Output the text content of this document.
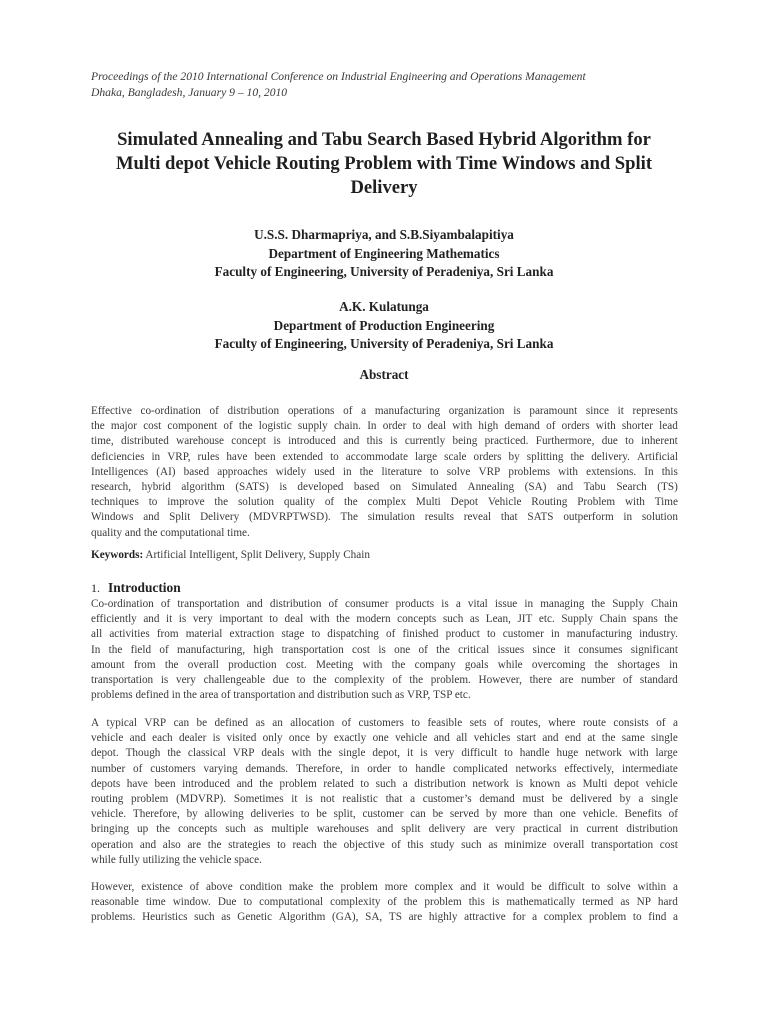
Proceedings of the 2010 International Conference on Industrial Engineering and Operations Management
Dhaka, Bangladesh, January 9 – 10, 2010
Simulated Annealing and Tabu Search Based Hybrid Algorithm for
Multi depot Vehicle Routing Problem with Time Windows and Split
Delivery
U.S.S. Dharmapriya, and S.B.Siyambalapitiya
Department of Engineering Mathematics
Faculty of Engineering, University of Peradeniya, Sri Lanka
A.K. Kulatunga
Department of Production Engineering
Faculty of Engineering, University of Peradeniya, Sri Lanka
Abstract
Effective co-ordination of distribution operations of a manufacturing organization is paramount since it represents
the major cost component of the logistic supply chain. In order to deal with high demand of orders with shorter lead
time, distributed warehouse concept is introduced and this is currently being practiced. Furthermore, due to inherent
deficiencies in VRP, rules have been extended to accommodate large scale orders by splitting the delivery. Artificial
Intelligences (AI) based approaches widely used in the literature to solve VRP problems with extensions. In this
research, hybrid algorithm (SATS) is developed based on Simulated Annealing (SA) and Tabu Search (TS)
techniques to improve the solution quality of the complex Multi Depot Vehicle Routing Problem with Time
Windows and Split Delivery (MDVRPTWSD). The simulation results reveal that SATS outperform in solution
quality and the computational time.
Keywords: Artificial Intelligent, Split Delivery, Supply Chain
1. Introduction
Co-ordination of transportation and distribution of consumer products is a vital issue in managing the Supply Chain
efficiently and it is very important to deal with the modern concepts such as Lean, JIT etc. Supply Chain spans the
all activities from material extraction stage to dispatching of finished product to customer in manufacturing industry.
In the field of manufacturing, high transportation cost is one of the critical issues since it consumes significant
amount from the overall production cost. Meeting with the company goals while overcoming the shortages in
transportation is very challengeable due to the complexity of the problem. However, there are number of standard
problems defined in the area of transportation and distribution such as VRP, TSP etc.
A typical VRP can be defined as an allocation of customers to feasible sets of routes, where route consists of a
vehicle and each dealer is visited only once by exactly one vehicle and all vehicles start and end at the same single
depot. Though the classical VRP deals with the single depot, it is very difficult to handle huge network with large
number of customers varying demands. Therefore, in order to handle complicated networks effectively, intermediate
depots have been introduced and the problem related to such a distribution network is known as Multi depot vehicle
routing problem (MDVRP). Sometimes it is not realistic that a customer’s demand must be delivered by a single
vehicle. Therefore, by allowing deliveries to be split, customer can be served by more than one vehicle. Benefits of
bringing up the concepts such as multiple warehouses and split delivery are very practical in current distribution
operation and also are the strategies to reach the objective of this study such as minimize overall transportation cost
while fully utilizing the vehicle space.
However, existence of above condition make the problem more complex and it would be difficult to solve within a
reasonable time window. Due to computational complexity of the problem this is mathematically termed as NP hard
problems. Heuristics such as Genetic Algorithm (GA), SA, TS are highly attractive for a complex problem to find a
